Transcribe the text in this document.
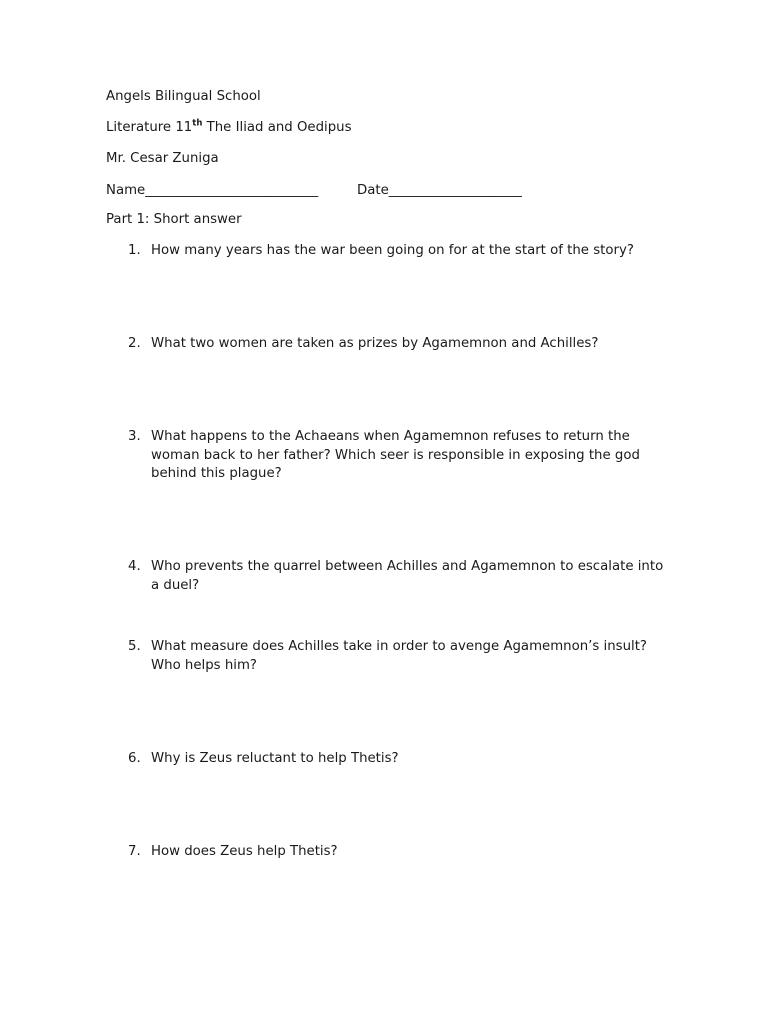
Angels Bilingual School
Literature 11th The Iliad and Oedipus
Mr. Cesar Zuniga
Name__________________________	Date____________________
Part 1: Short answer
1. How many years has the war been going on for at the start of the story?
2. What two women are taken as prizes by Agamemnon and Achilles?
3. What happens to the Achaeans when Agamemnon refuses to return the woman back to her father? Which seer is responsible in exposing the god behind this plague?
4. Who prevents the quarrel between Achilles and Agamemnon to escalate into a duel?
5. What measure does Achilles take in order to avenge Agamemnon’s insult? Who helps him?
6. Why is Zeus reluctant to help Thetis?
7. How does Zeus help Thetis?
